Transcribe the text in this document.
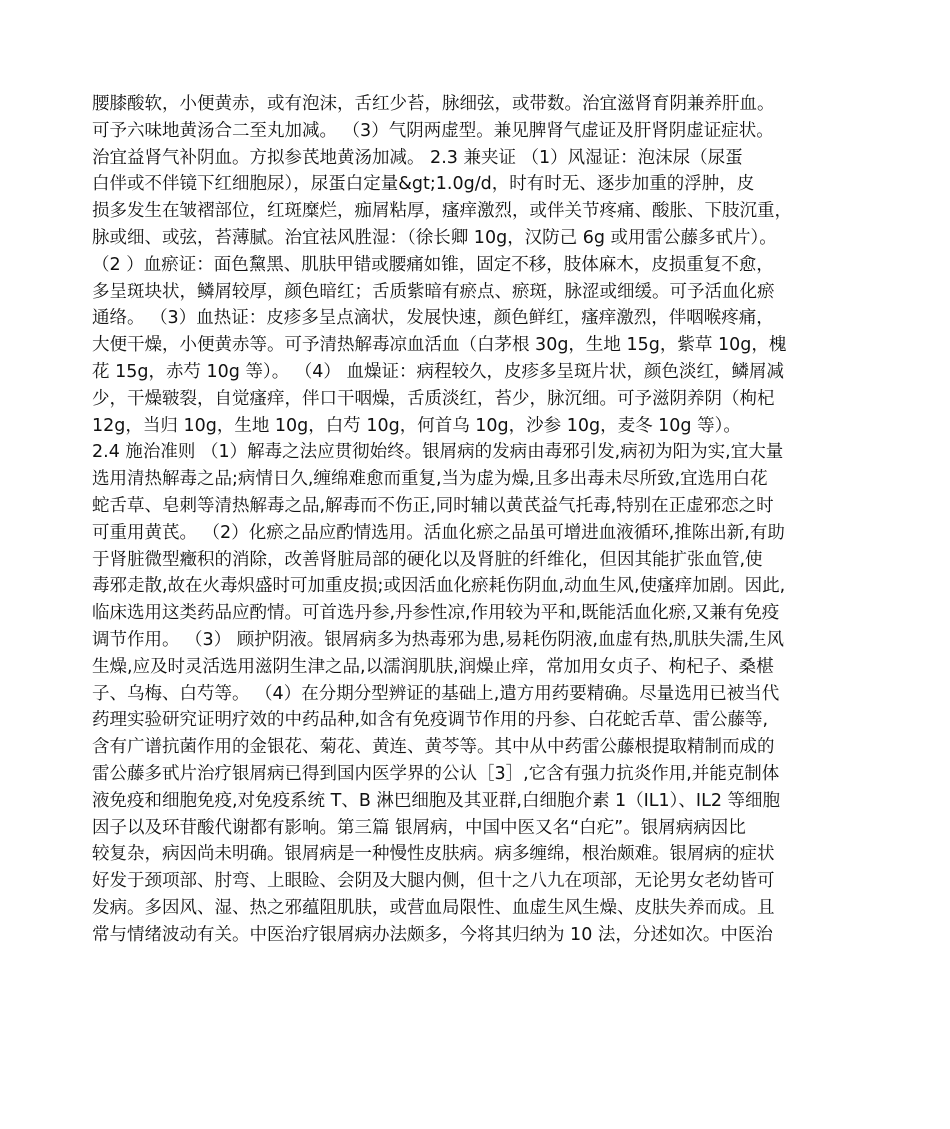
腰膝酸软，小便黄赤，或有泡沫，舌红少苔，脉细弦，或带数。治宜滋肾育阴兼养肝血。
可予六味地黄汤合二至丸加减。 （3）气阴两虚型。兼见脾肾气虚证及肝肾阴虚证症状。
治宜益肾气补阴血。方拟参芪地黄汤加减。 2.3 兼夹证 （1）风湿证：泡沫尿（尿蛋
白伴或不伴镜下红细胞尿），尿蛋白定量&gt;1.0g/d，时有时无、逐步加重的浮肿，皮
损多发生在皱褶部位，红斑糜烂，痂屑粘厚，瘙痒激烈，或伴关节疼痛、酸胀、下肢沉重，
脉或细、或弦，苔薄腻。治宜祛风胜湿：（徐长卿 10g，汉防己 6g 或用雷公藤多甙片）。
（2 ）血瘀证：面色黧黑、肌肤甲错或腰痛如锥，固定不移，肢体麻木，皮损重复不愈，
多呈斑块状，鳞屑较厚，颜色暗红；舌质紫暗有瘀点、瘀斑，脉涩或细缓。可予活血化瘀
通络。 （3）血热证：皮疹多呈点滴状，发展快速，颜色鲜红，瘙痒激烈，伴咽喉疼痛，
大便干燥，小便黄赤等。可予清热解毒凉血活血（白茅根 30g，生地 15g，紫草 10g，槐
花 15g，赤芍 10g 等）。 （4） 血燥证：病程较久，皮疹多呈斑片状，颜色淡红，鳞屑减
少，干燥皲裂，自觉瘙痒，伴口干咽燥，舌质淡红，苔少，脉沉细。可予滋阴养阴（枸杞
12g，当归 10g，生地 10g，白芍 10g，何首乌 10g，沙参 10g，麦冬 10g 等）。
2.4 施治准则 （1）解毒之法应贯彻始终。银屑病的发病由毒邪引发,病初为阳为实,宜大量
选用清热解毒之品;病情日久,缠绵难愈而重复,当为虚为燥,且多出毒未尽所致,宜选用白花
蛇舌草、皂刺等清热解毒之品,解毒而不伤正,同时辅以黄芪益气托毒,特别在正虚邪恋之时
可重用黄芪。 （2）化瘀之品应酌情选用。活血化瘀之品虽可增进血液循环,推陈出新,有助
于肾脏微型癥积的消除，改善肾脏局部的硬化以及肾脏的纤维化，但因其能扩张血管,使
毒邪走散,故在火毒炽盛时可加重皮损;或因活血化瘀耗伤阴血,动血生风,使瘙痒加剧。因此,
临床选用这类药品应酌情。可首选丹参,丹参性凉,作用较为平和,既能活血化瘀,又兼有免疫
调节作用。 （3） 顾护阴液。银屑病多为热毒邪为患,易耗伤阴液,血虚有热,肌肤失濡,生风
生燥,应及时灵活选用滋阴生津之品,以濡润肌肤,润燥止痒，常加用女贞子、枸杞子、桑椹
子、乌梅、白芍等。 （4）在分期分型辨证的基础上,遣方用药要精确。尽量选用已被当代
药理实验研究证明疗效的中药品种,如含有免疫调节作用的丹参、白花蛇舌草、雷公藤等,
含有广谱抗菌作用的金银花、菊花、黄连、黄芩等。其中从中药雷公藤根提取精制而成的
雷公藤多甙片治疗银屑病已得到国内医学界的公认［3］,它含有强力抗炎作用,并能克制体
液免疫和细胞免疫,对免疫系统 T、B 淋巴细胞及其亚群,白细胞介素 1（IL1）、IL2 等细胞
因子以及环苷酸代谢都有影响。第三篇 银屑病，中国中医又名“白疕”。银屑病病因比
较复杂，病因尚未明确。银屑病是一种慢性皮肤病。病多缠绵，根治颇难。银屑病的症状
好发于颈项部、肘弯、上眼睑、会阴及大腿内侧，但十之八九在项部，无论男女老幼皆可
发病。多因风、湿、热之邪蕴阻肌肤，或营血局限性、血虚生风生燥、皮肤失养而成。且
常与情绪波动有关。中医治疗银屑病办法颇多，今将其归纳为 10 法，分述如次。中医治
